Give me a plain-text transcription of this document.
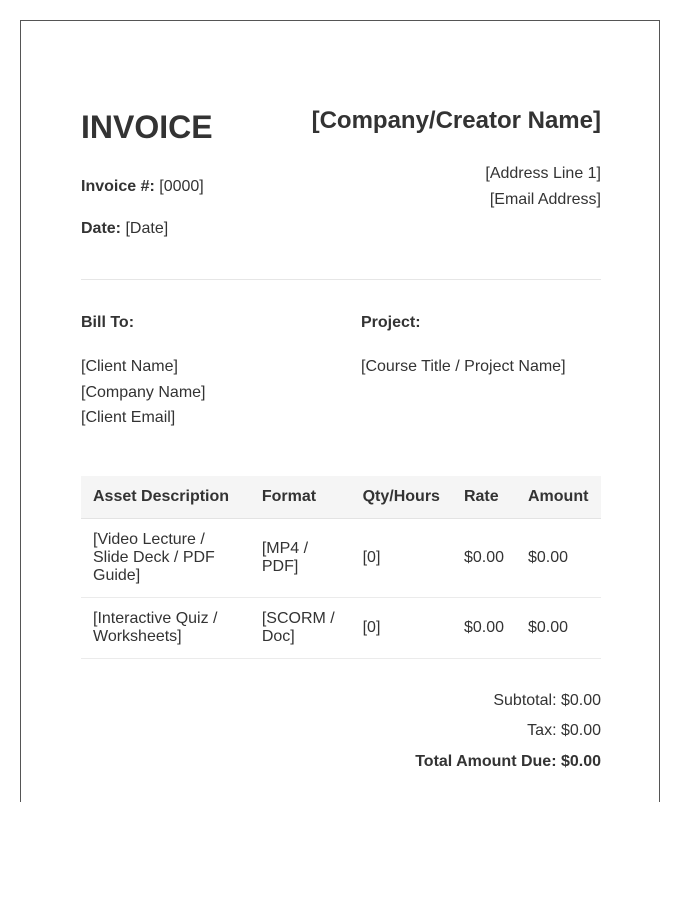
INVOICE	[Company/Creator Name]
Invoice #: [0000]
Date: [Date]
[Address Line 1]
[Email Address]
Bill To:
[Client Name]
[Company Name]
[Client Email]
Project:
[Course Title / Project Name]
Asset Description	Format	Qty/Hours	Rate	Amount
[Video Lecture / Slide Deck / PDF Guide]	[MP4 / PDF]	[0]	$0.00	$0.00
[Interactive Quiz / Worksheets]	[SCORM / Doc]	[0]	$0.00	$0.00
Subtotal: $0.00
Tax: $0.00
Total Amount Due: $0.00
